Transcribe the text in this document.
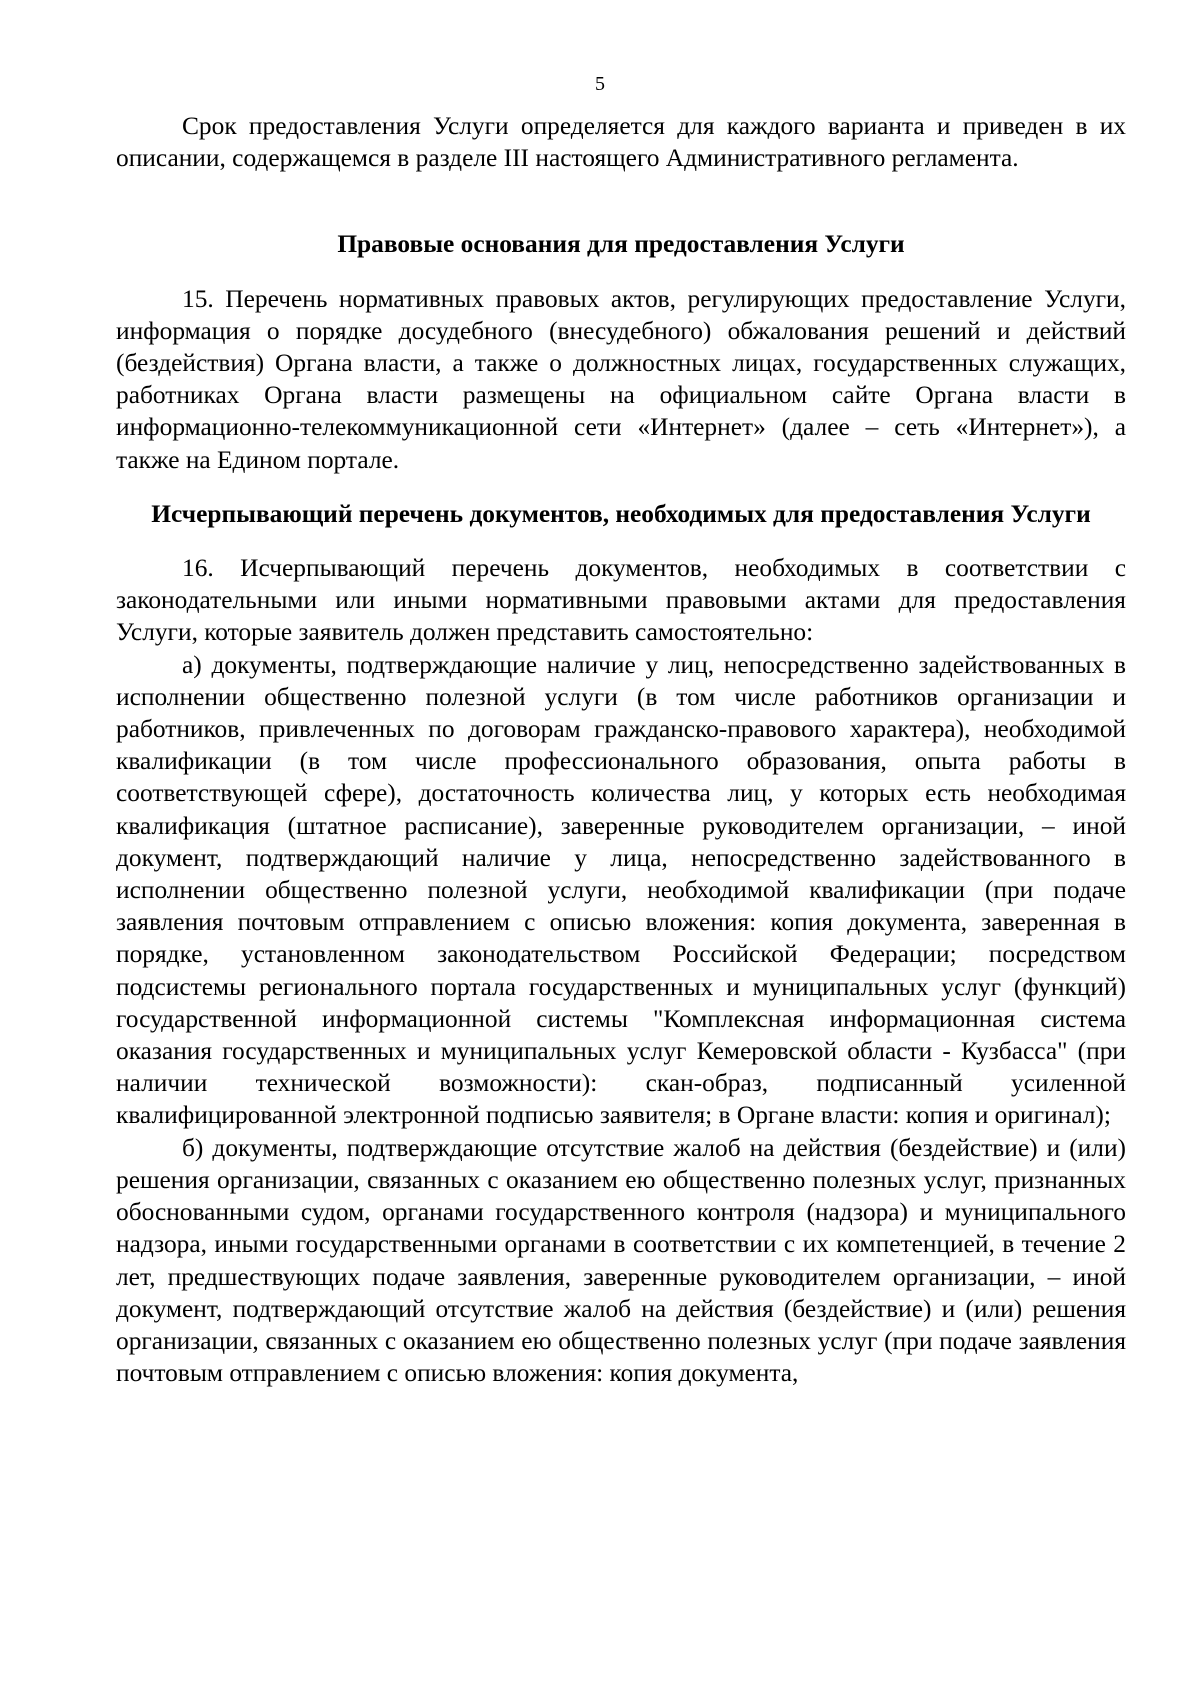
5

Срок предоставления Услуги определяется для каждого варианта и приведен в их описании, содержащемся в разделе III настоящего Административного регламента.

Правовые основания для предоставления Услуги

15. Перечень нормативных правовых актов, регулирующих предоставление Услуги, информация о порядке досудебного (внесудебного) обжалования решений и действий (бездействия) Органа власти, а также о должностных лицах, государственных служащих, работниках Органа власти размещены на официальном сайте Органа власти в информационно-телекоммуникационной сети «Интернет» (далее – сеть «Интернет»), а также на Едином портале.

Исчерпывающий перечень документов, необходимых для предоставления Услуги

16. Исчерпывающий перечень документов, необходимых в соответствии с законодательными или иными нормативными правовыми актами для предоставления Услуги, которые заявитель должен представить самостоятельно:

а) документы, подтверждающие наличие у лиц, непосредственно задействованных в исполнении общественно полезной услуги (в том числе работников организации и работников, привлеченных по договорам гражданско-правового характера), необходимой квалификации (в том числе профессионального образования, опыта работы в соответствующей сфере), достаточность количества лиц, у которых есть необходимая квалификация (штатное расписание), заверенные руководителем организации, – иной документ, подтверждающий наличие у лица, непосредственно задействованного в исполнении общественно полезной услуги, необходимой квалификации (при подаче заявления почтовым отправлением с описью вложения: копия документа, заверенная в порядке, установленном законодательством Российской Федерации; посредством подсистемы регионального портала государственных и муниципальных услуг (функций) государственной информационной системы "Комплексная информационная система оказания государственных и муниципальных услуг Кемеровской области - Кузбасса" (при наличии технической возможности): скан-образ, подписанный усиленной квалифицированной электронной подписью заявителя; в Органе власти: копия и оригинал);

б) документы, подтверждающие отсутствие жалоб на действия (бездействие) и (или) решения организации, связанных с оказанием ею общественно полезных услуг, признанных обоснованными судом, органами государственного контроля (надзора) и муниципального надзора, иными государственными органами в соответствии с их компетенцией, в течение 2 лет, предшествующих подаче заявления, заверенные руководителем организации, – иной документ, подтверждающий отсутствие жалоб на действия (бездействие) и (или) решения организации, связанных с оказанием ею общественно полезных услуг (при подаче заявления почтовым отправлением с описью вложения: копия документа,
